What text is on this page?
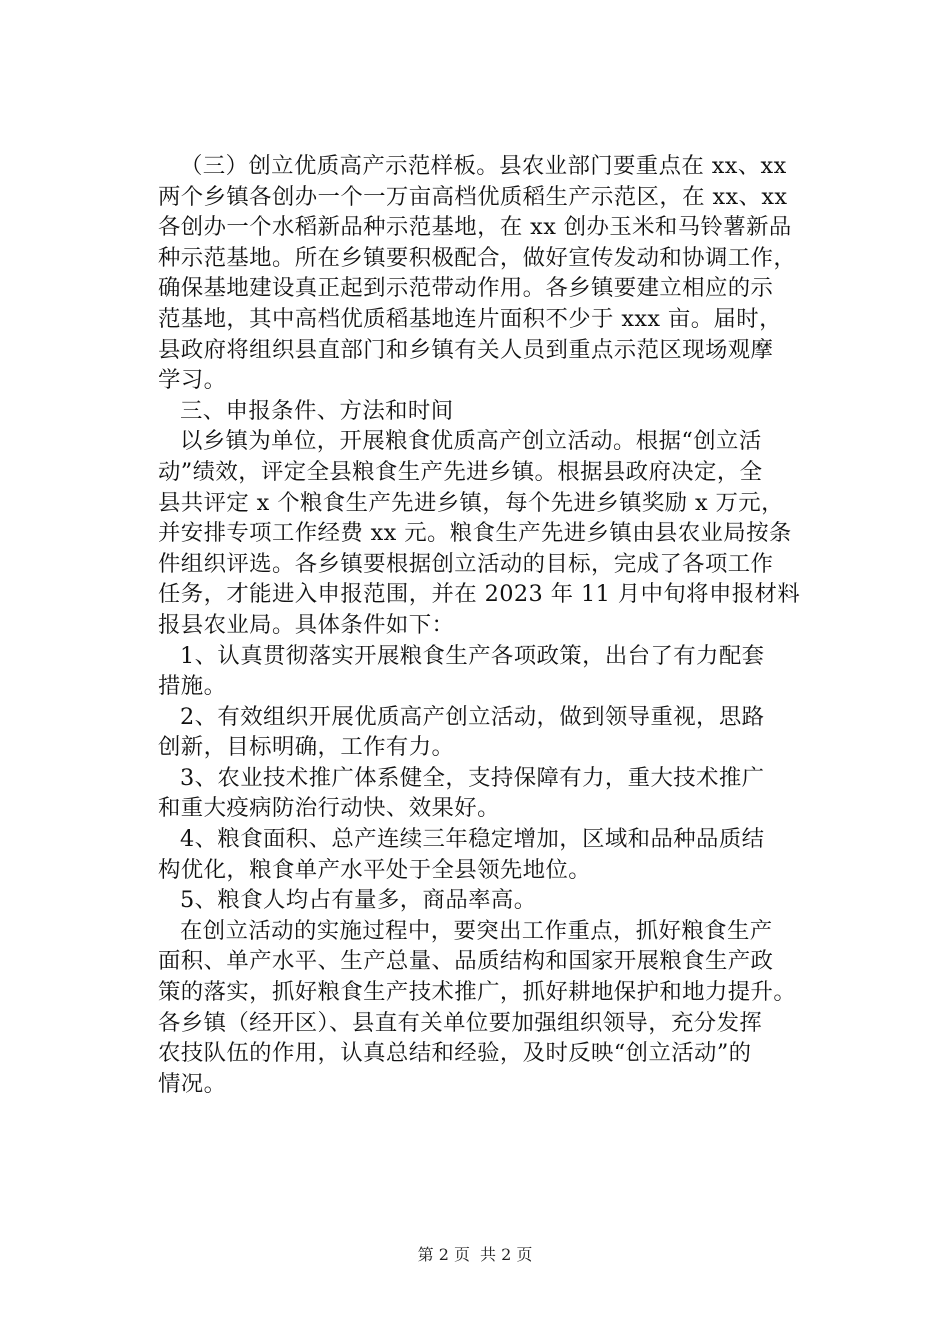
（三）创立优质高产示范样板。县农业部门要重点在 xx、xx
两个乡镇各创办一个一万亩高档优质稻生产示范区，在 xx、xx
各创办一个水稻新品种示范基地，在 xx 创办玉米和马铃薯新品
种示范基地。所在乡镇要积极配合，做好宣传发动和协调工作，
确保基地建设真正起到示范带动作用。各乡镇要建立相应的示
范基地，其中高档优质稻基地连片面积不少于 xxx 亩。届时，
县政府将组织县直部门和乡镇有关人员到重点示范区现场观摩
学习。
三、申报条件、方法和时间
以乡镇为单位，开展粮食优质高产创立活动。根据“创立活
动”绩效，评定全县粮食生产先进乡镇。根据县政府决定，全
县共评定 x 个粮食生产先进乡镇，每个先进乡镇奖励 x 万元，
并安排专项工作经费 xx 元。粮食生产先进乡镇由县农业局按条
件组织评选。各乡镇要根据创立活动的目标，完成了各项工作
任务，才能进入申报范围，并在 2023 年 11 月中旬将申报材料
报县农业局。具体条件如下：
1、认真贯彻落实开展粮食生产各项政策，出台了有力配套
措施。
2、有效组织开展优质高产创立活动，做到领导重视，思路
创新，目标明确，工作有力。
3、农业技术推广体系健全，支持保障有力，重大技术推广
和重大疫病防治行动快、效果好。
4、粮食面积、总产连续三年稳定增加，区域和品种品质结
构优化，粮食单产水平处于全县领先地位。
5、粮食人均占有量多，商品率高。
在创立活动的实施过程中，要突出工作重点，抓好粮食生产
面积、单产水平、生产总量、品质结构和国家开展粮食生产政
策的落实，抓好粮食生产技术推广，抓好耕地保护和地力提升。
各乡镇（经开区）、县直有关单位要加强组织领导，充分发挥
农技队伍的作用，认真总结和经验，及时反映“创立活动”的
情况。
第 2 页 共 2 页
